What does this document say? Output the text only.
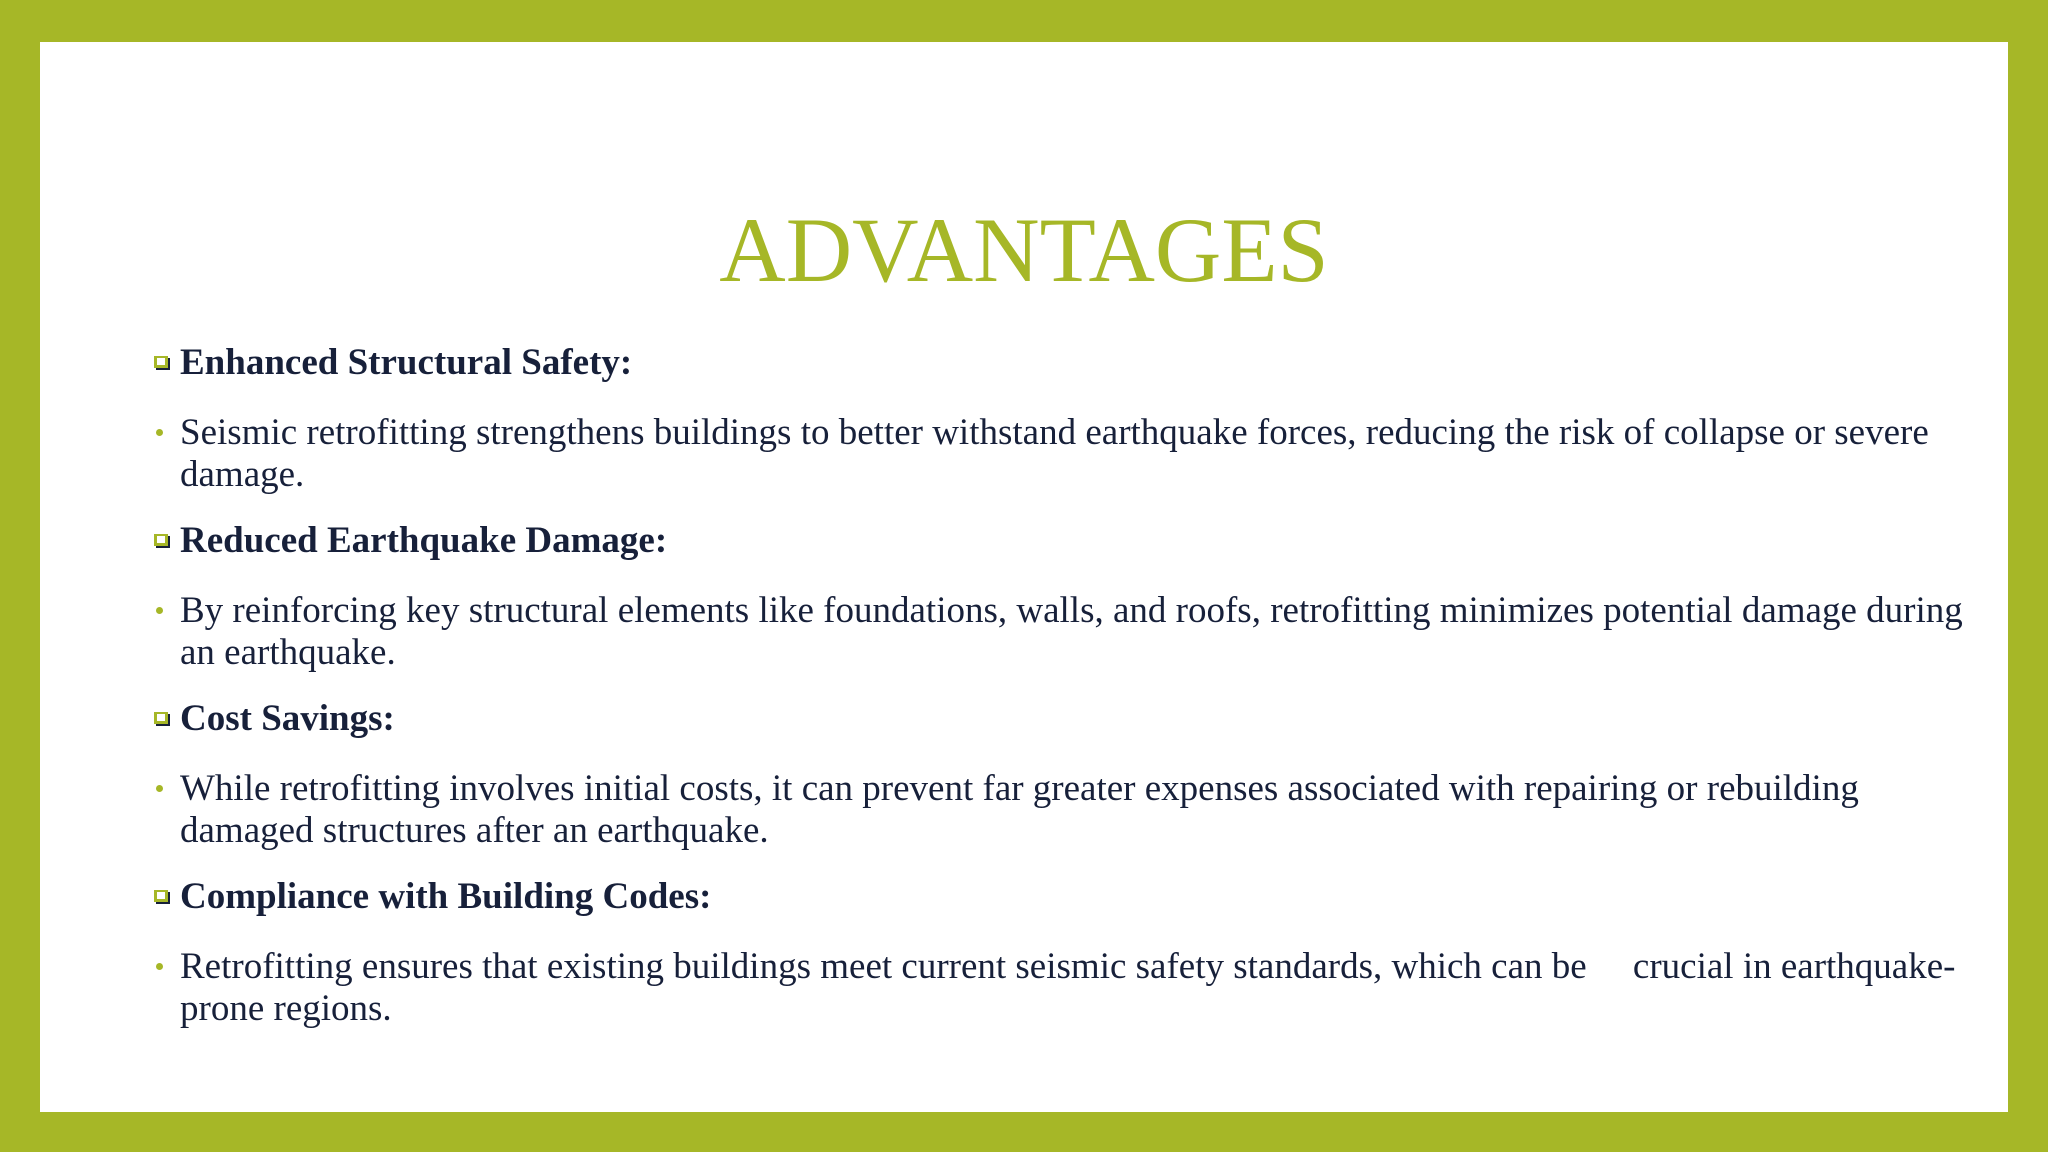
ADVANTAGES
Enhanced Structural Safety:
Seismic retrofitting strengthens buildings to better withstand earthquake forces, reducing the risk of collapse or severe damage.
Reduced Earthquake Damage:
By reinforcing key structural elements like foundations, walls, and roofs, retrofitting minimizes potential damage during an earthquake.
Cost Savings:
While retrofitting involves initial costs, it can prevent far greater expenses associated with repairing or rebuilding damaged structures after an earthquake.
Compliance with Building Codes:
Retrofitting ensures that existing buildings meet current seismic safety standards, which can be     crucial in earthquake-prone regions.
